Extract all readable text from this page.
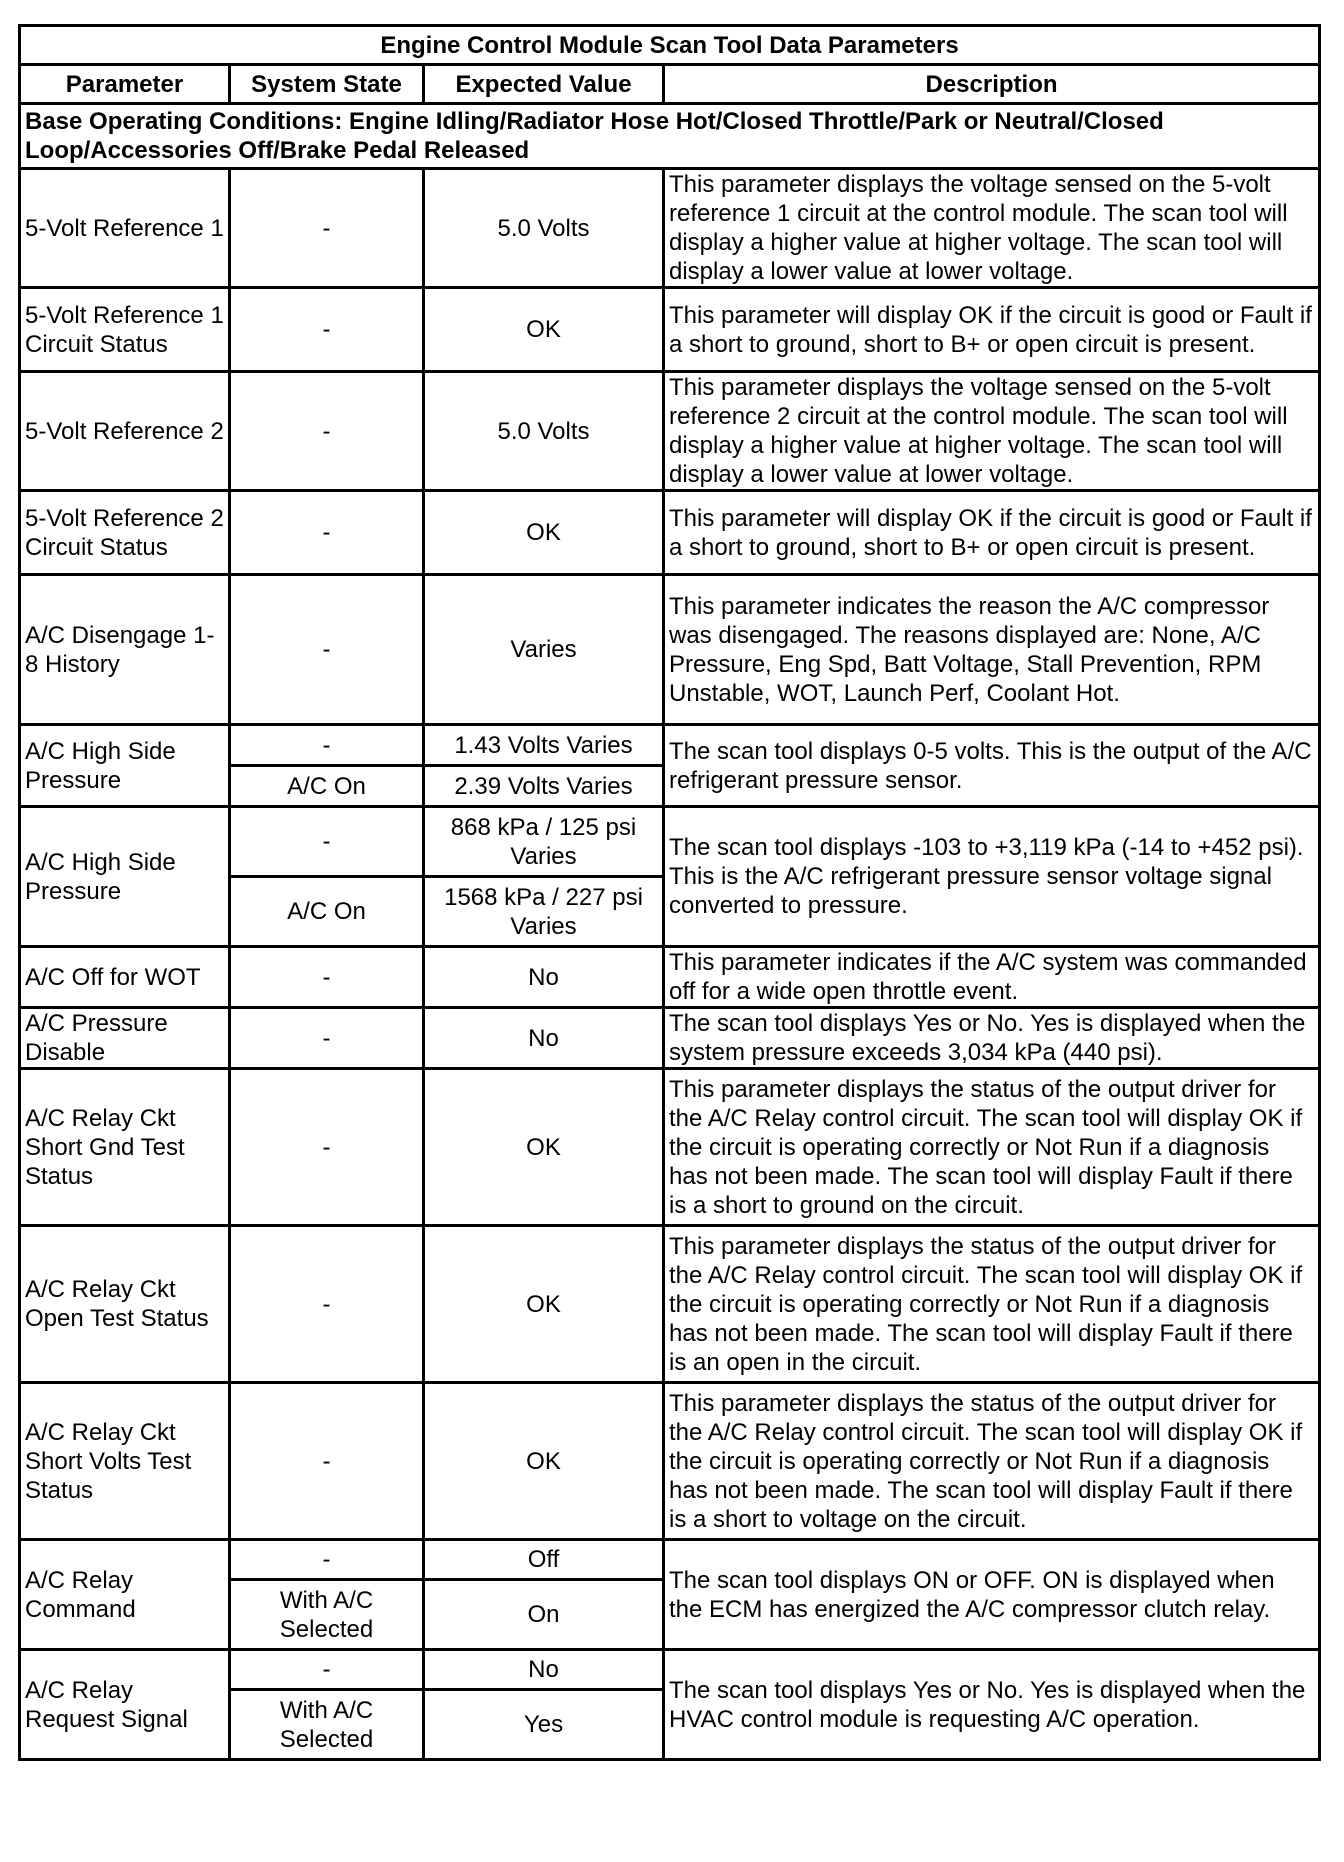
Engine Control Module Scan Tool Data Parameters			
Parameter	System State	Expected Value	Description
Base Operating Conditions: Engine Idling/Radiator Hose Hot/Closed Throttle/Park or Neutral/Closed Loop/Accessories Off/Brake Pedal Released			
5-Volt Reference 1	-	5.0 Volts	This parameter displays the voltage sensed on the 5-volt reference 1 circuit at the control module. The scan tool will display a higher value at higher voltage. The scan tool will display a lower value at lower voltage.
5-Volt Reference 1 Circuit Status	-	OK	This parameter will display OK if the circuit is good or Fault if a short to ground, short to B+ or open circuit is present.
5-Volt Reference 2	-	5.0 Volts	This parameter displays the voltage sensed on the 5-volt reference 2 circuit at the control module. The scan tool will display a higher value at higher voltage. The scan tool will display a lower value at lower voltage.
5-Volt Reference 2 Circuit Status	-	OK	This parameter will display OK if the circuit is good or Fault if a short to ground, short to B+ or open circuit is present.
A/C Disengage 1-8 History	-	Varies	This parameter indicates the reason the A/C compressor was disengaged. The reasons displayed are: None, A/C Pressure, Eng Spd, Batt Voltage, Stall Prevention, RPM Unstable, WOT, Launch Perf, Coolant Hot.
A/C High Side Pressure	-	1.43 Volts Varies	The scan tool displays 0-5 volts. This is the output of the A/C refrigerant pressure sensor.
	A/C On	2.39 Volts Varies	
A/C High Side Pressure	-	868 kPa / 125 psi Varies	The scan tool displays -103 to +3,119 kPa (-14 to +452 psi). This is the A/C refrigerant pressure sensor voltage signal converted to pressure.
	A/C On	1568 kPa / 227 psi Varies	
A/C Off for WOT	-	No	This parameter indicates if the A/C system was commanded off for a wide open throttle event.
A/C Pressure Disable	-	No	The scan tool displays Yes or No. Yes is displayed when the system pressure exceeds 3,034 kPa (440 psi).
A/C Relay Ckt Short Gnd Test Status	-	OK	This parameter displays the status of the output driver for the A/C Relay control circuit. The scan tool will display OK if the circuit is operating correctly or Not Run if a diagnosis has not been made. The scan tool will display Fault if there is a short to ground on the circuit.
A/C Relay Ckt Open Test Status	-	OK	This parameter displays the status of the output driver for the A/C Relay control circuit. The scan tool will display OK if the circuit is operating correctly or Not Run if a diagnosis has not been made. The scan tool will display Fault if there is an open in the circuit.
A/C Relay Ckt Short Volts Test Status	-	OK	This parameter displays the status of the output driver for the A/C Relay control circuit. The scan tool will display OK if the circuit is operating correctly or Not Run if a diagnosis has not been made. The scan tool will display Fault if there is a short to voltage on the circuit.
A/C Relay Command	-	Off	The scan tool displays ON or OFF. ON is displayed when the ECM has energized the A/C compressor clutch relay.
	With A/C Selected	On	
A/C Relay Request Signal	-	No	The scan tool displays Yes or No. Yes is displayed when the HVAC control module is requesting A/C operation.
	With A/C Selected	Yes	
